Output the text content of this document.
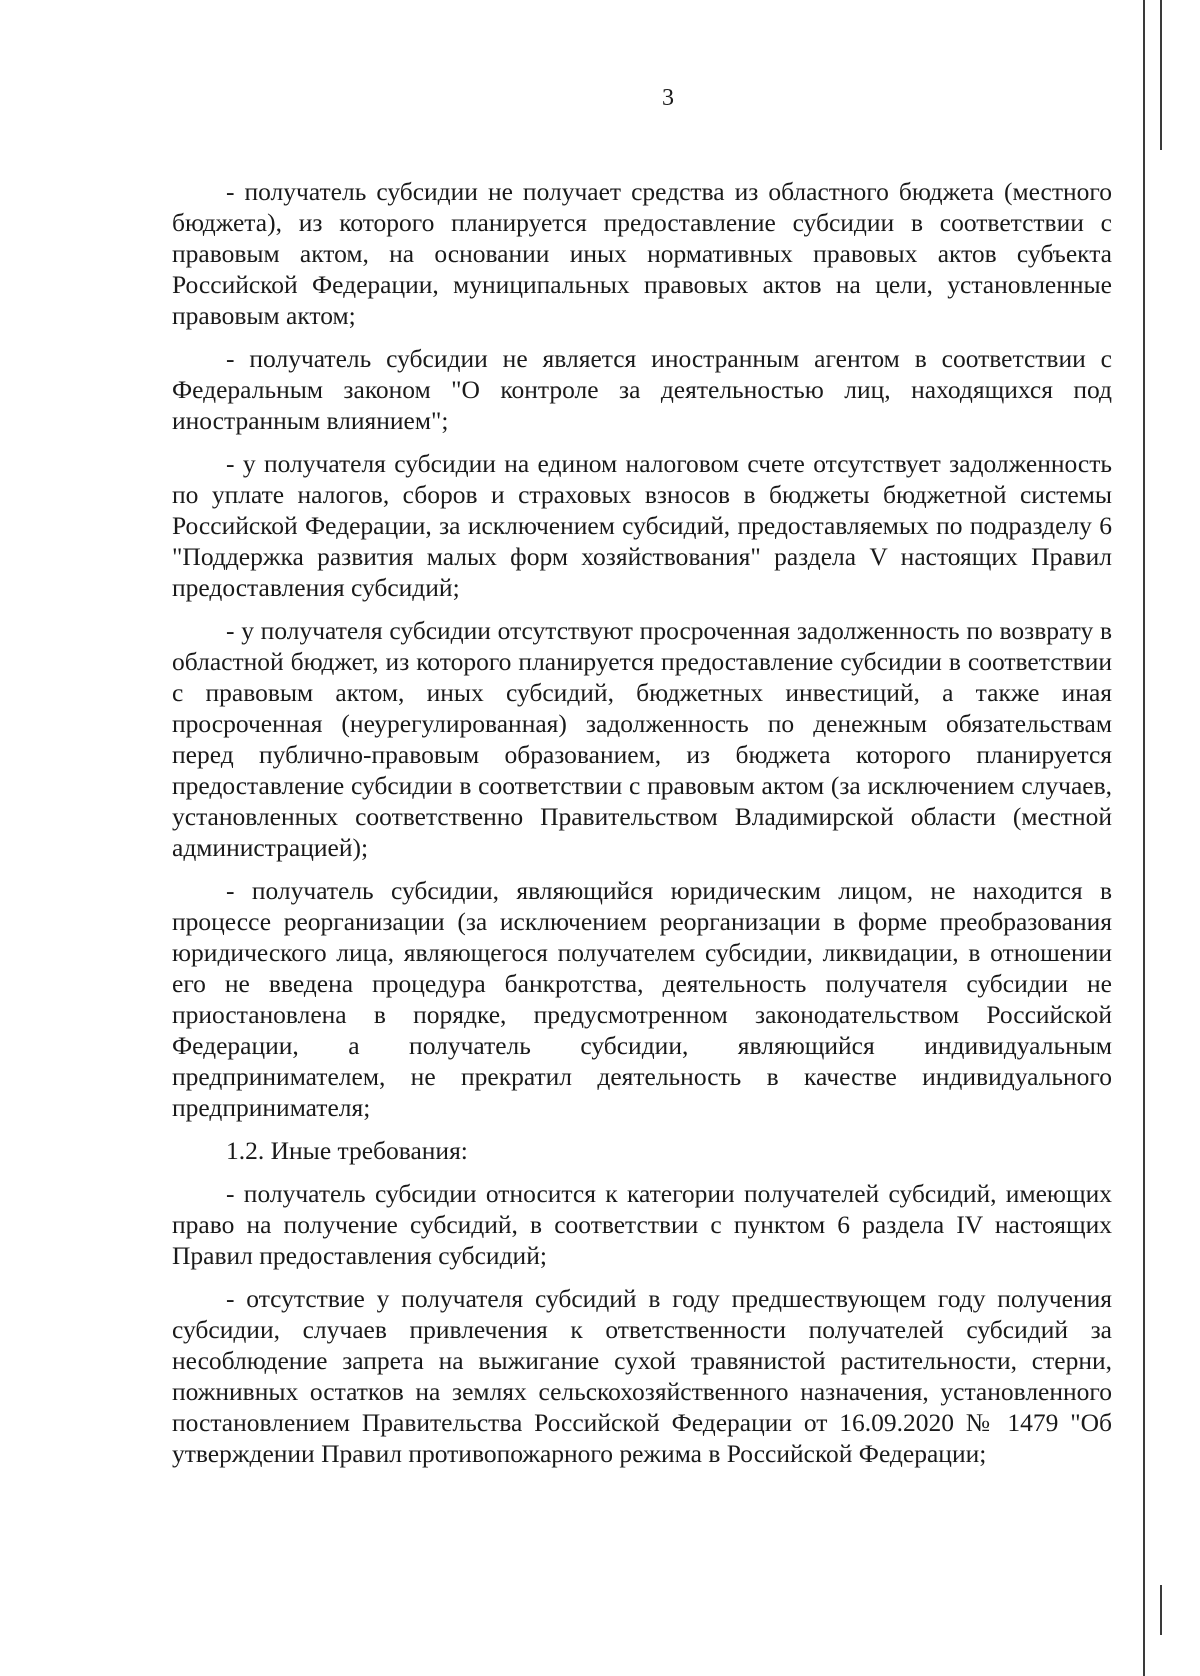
3

- получатель субсидии не получает средства из областного бюджета (местного бюджета), из которого планируется предоставление субсидии в соответствии с правовым актом, на основании иных нормативных правовых актов субъекта Российской Федерации, муниципальных правовых актов на цели, установленные правовым актом;

- получатель субсидии не является иностранным агентом в соответствии с Федеральным законом "О контроле за деятельностью лиц, находящихся под иностранным влиянием";

- у получателя субсидии на едином налоговом счете отсутствует задолженность по уплате налогов, сборов и страховых взносов в бюджеты бюджетной системы Российской Федерации, за исключением субсидий, предоставляемых по подразделу 6 "Поддержка развития малых форм хозяйствования" раздела V настоящих Правил предоставления субсидий;

- у получателя субсидии отсутствуют просроченная задолженность по возврату в областной бюджет, из которого планируется предоставление субсидии в соответствии с правовым актом, иных субсидий, бюджетных инвестиций, а также иная просроченная (неурегулированная) задолженность по денежным обязательствам перед публично-правовым образованием, из бюджета которого планируется предоставление субсидии в соответствии с правовым актом (за исключением случаев, установленных соответственно Правительством Владимирской области (местной администрацией);

- получатель субсидии, являющийся юридическим лицом, не находится в процессе реорганизации (за исключением реорганизации в форме преобразования юридического лица, являющегося получателем субсидии, ликвидации, в отношении его не введена процедура банкротства, деятельность получателя субсидии не приостановлена в порядке, предусмотренном законодательством Российской Федерации, а получатель субсидии, являющийся индивидуальным предпринимателем, не прекратил деятельность в качестве индивидуального предпринимателя;

1.2. Иные требования:

- получатель субсидии относится к категории получателей субсидий, имеющих право на получение субсидий, в соответствии с пунктом 6 раздела IV настоящих Правил предоставления субсидий;

- отсутствие у получателя субсидий в году предшествующем году получения субсидии, случаев привлечения к ответственности получателей субсидий за несоблюдение запрета на выжигание сухой травянистой растительности, стерни, пожнивных остатков на землях сельскохозяйственного назначения, установленного постановлением Правительства Российской Федерации от 16.09.2020 № 1479 "Об утверждении Правил противопожарного режима в Российской Федерации;
